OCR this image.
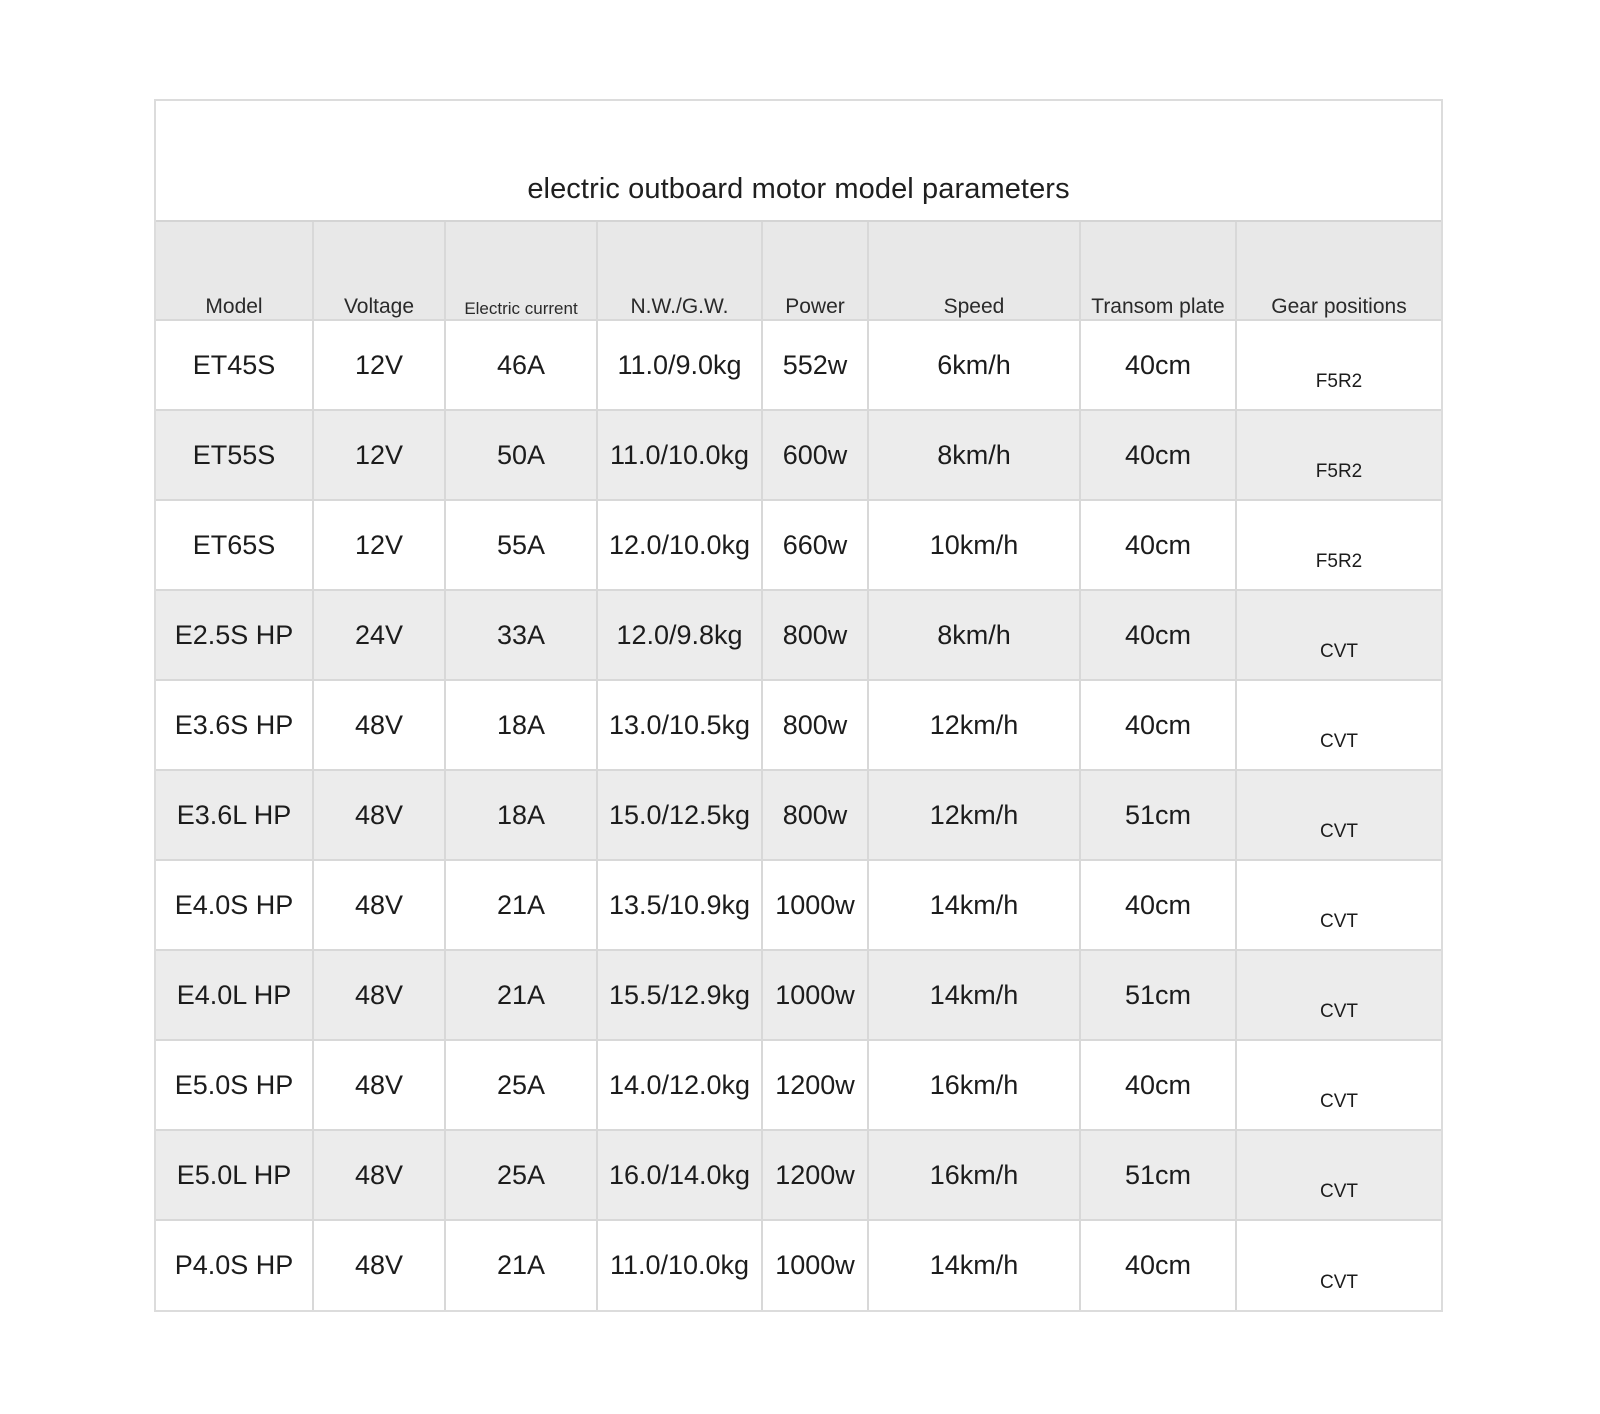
electric outboard motor model parameters
Model	Voltage	Electric current	N.W./G.W.	Power	Speed	Transom plate	Gear positions
ET45S	12V	46A	11.0/9.0kg	552w	6km/h	40cm	F5R2
ET55S	12V	50A	11.0/10.0kg	600w	8km/h	40cm	F5R2
ET65S	12V	55A	12.0/10.0kg	660w	10km/h	40cm	F5R2
E2.5S HP	24V	33A	12.0/9.8kg	800w	8km/h	40cm	CVT
E3.6S HP	48V	18A	13.0/10.5kg	800w	12km/h	40cm	CVT
E3.6L HP	48V	18A	15.0/12.5kg	800w	12km/h	51cm	CVT
E4.0S HP	48V	21A	13.5/10.9kg	1000w	14km/h	40cm	CVT
E4.0L HP	48V	21A	15.5/12.9kg	1000w	14km/h	51cm	CVT
E5.0S HP	48V	25A	14.0/12.0kg	1200w	16km/h	40cm	CVT
E5.0L HP	48V	25A	16.0/14.0kg	1200w	16km/h	51cm	CVT
P4.0S HP	48V	21A	11.0/10.0kg	1000w	14km/h	40cm	CVT
